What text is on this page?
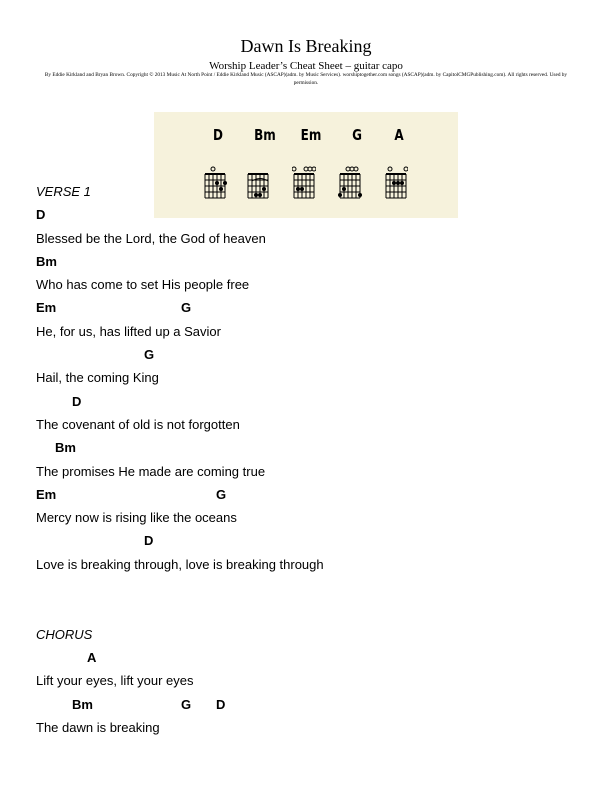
Dawn Is Breaking
Worship Leader’s Cheat Sheet – guitar capo
By Eddie Kirkland and Bryan Brown. Copyright © 2013 Music At North Point / Eddie Kirkland Music (ASCAP)(adm. by Music Services). worshiptogether.com songs (ASCAP)(adm. by CapitolCMGPublishing.com). All rights reserved. Used by permission.
D	Bm	Em	G	A
VERSE 1
D
Blessed be the Lord, the God of heaven
Bm
Who has come to set His people free
Em	G
He, for us, has lifted up a Savior
G
Hail, the coming King
D
The covenant of old is not forgotten
Bm
The promises He made are coming true
Em	G
Mercy now is rising like the oceans
D
Love is breaking through, love is breaking through
CHORUS
A
Lift your eyes, lift your eyes
Bm	G D
The dawn is breaking
